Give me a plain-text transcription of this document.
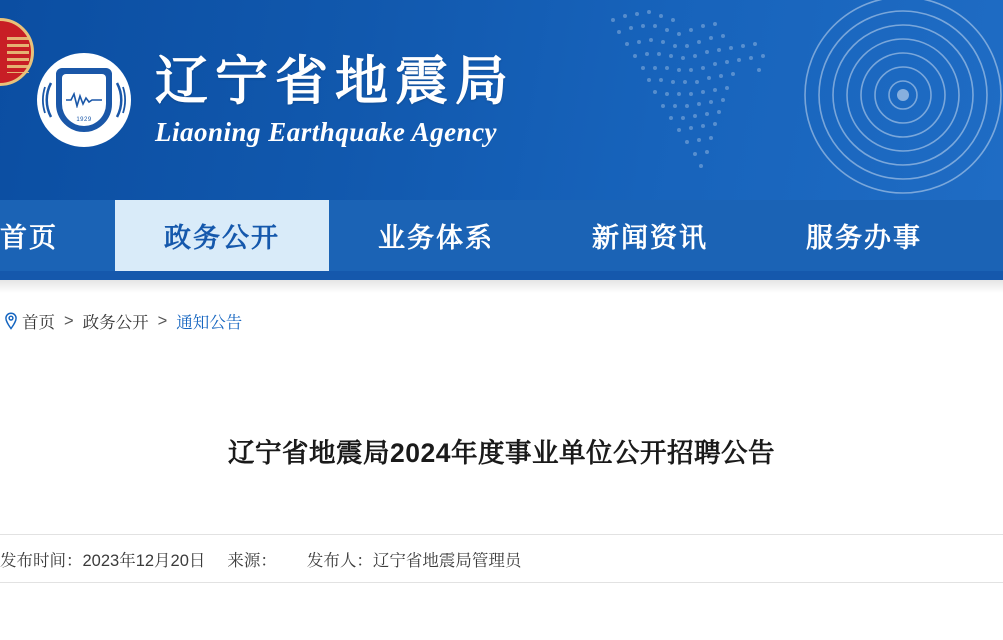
1929
辽宁省地震局
Liaoning Earthquake Agency
首页	政务公开	业务体系	新闻资讯	服务办事
首页 > 政务公开 > 通知公告
辽宁省地震局2024年度事业单位公开招聘公告
发布时间： 2023年12月20日 来源： 发布人： 辽宁省地震局管理员
